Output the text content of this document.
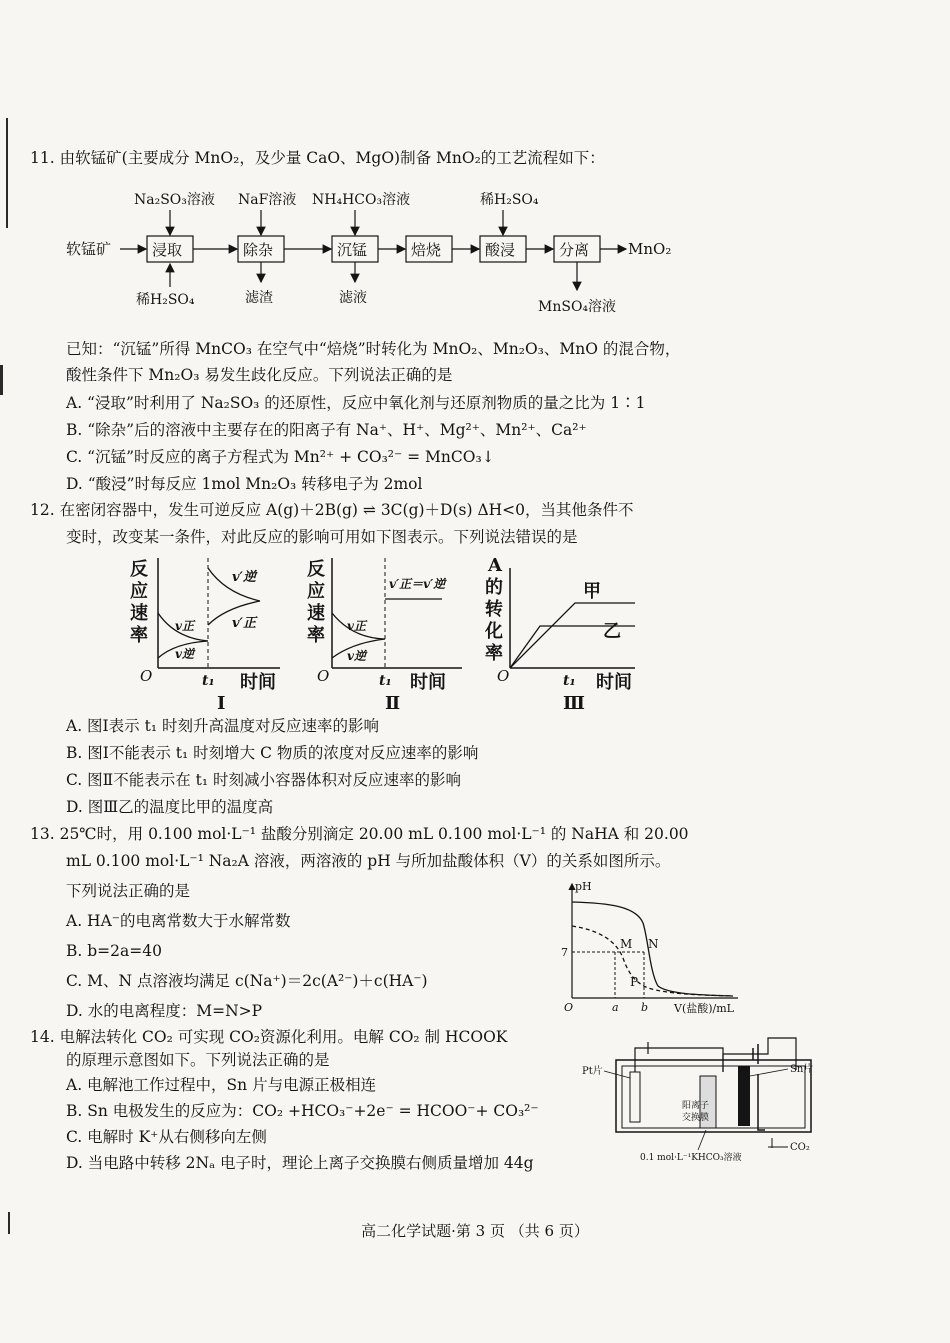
11. 由软锰矿(主要成分 MnO₂，及少量 CaO、MgO)制备 MnO₂的工艺流程如下：
软锰矿	浸取	除杂	沉锰	焙烧	酸浸	分离	MnO₂
Na₂SO₃溶液 NaF溶液 NH₄HCO₃溶液	稀H₂SO₄
稀H₂SO₄	滤渣	滤液
MnSO₄溶液
已知：“沉锰”所得 MnCO₃ 在空气中“焙烧”时转化为 MnO₂、Mn₂O₃、MnO 的混合物，
酸性条件下 Mn₂O₃ 易发生歧化反应。下列说法正确的是
A. “浸取”时利用了 Na₂SO₃ 的还原性，反应中氧化剂与还原剂物质的量之比为 1∶1
B. “除杂”后的溶液中主要存在的阳离子有 Na⁺、H⁺、Mg²⁺、Mn²⁺、Ca²⁺
C. “沉锰”时反应的离子方程式为 Mn²⁺ + CO₃²⁻ = MnCO₃↓
D. “酸浸”时每反应 1mol Mn₂O₃ 转移电子为 2mol
12. 在密闭容器中，发生可逆反应 A(g)＋2B(g) ⇌ 3C(g)＋D(s) ΔH<0，当其他条件不
变时，改变某一条件，对此反应的影响可用如下图表示。下列说法错误的是
反
应
速
率 v正
v逆
v′逆
v′正
O	t₁ 时间
Ⅰ
反
应
速
率
v′正＝v′逆
v正
v逆
O	t₁ 时间
Ⅱ
A
的
转
化
率
甲
乙
O	t₁ 时间
Ⅲ
A. 图Ⅰ表示 t₁ 时刻升高温度对反应速率的影响
B. 图Ⅰ不能表示 t₁ 时刻增大 C 物质的浓度对反应速率的影响
C. 图Ⅱ不能表示在 t₁ 时刻减小容器体积对反应速率的影响
D. 图Ⅲ乙的温度比甲的温度高
13. 25℃时，用 0.100 mol·L⁻¹ 盐酸分别滴定 20.00 mL 0.100 mol·L⁻¹ 的 NaHA 和 20.00
mL 0.100 mol·L⁻¹ Na₂A 溶液，两溶液的 pH 与所加盐酸体积（V）的关系如图所示。
下列说法正确的是
A. HA⁻的电离常数大于水解常数
B. b=2a=40
C. M、N 点溶液均满足 c(Na⁺)＝2c(A²⁻)＋c(HA⁻)
D. 水的电离程度：M=N>P
pH
7
M N
P
O	a b V(盐酸)/mL
14. 电解法转化 CO₂ 可实现 CO₂资源化利用。电解 CO₂ 制 HCOOK
的原理示意图如下。下列说法正确的是
A. 电解池工作过程中，Sn 片与电源正极相连
B. Sn 电极发生的反应为：CO₂ +HCO₃⁻+2e⁻ = HCOO⁻+ CO₃²⁻
C. 电解时 K⁺从右侧移向左侧
D. 当电路中转移 2Nₐ 电子时，理论上离子交换膜右侧质量增加 44g
Pt片	Sn片
阳离子
交换膜
0.1 mol·L⁻¹KHCO₃溶液
CO₂
高二化学试题·第 3 页 （共 6 页）
